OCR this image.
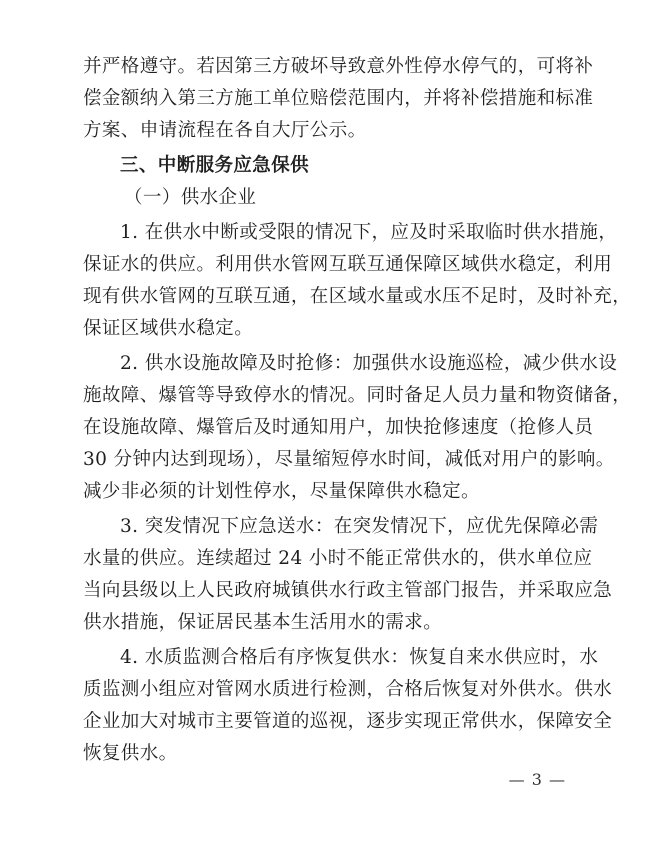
并严格遵守。若因第三方破坏导致意外性停水停气的，可将补
偿金额纳入第三方施工单位赔偿范围内，并将补偿措施和标准
方案、申请流程在各自大厅公示。
三、中断服务应急保供
（一）供水企业
1. 在供水中断或受限的情况下，应及时采取临时供水措施，
保证水的供应。利用供水管网互联互通保障区域供水稳定，利用
现有供水管网的互联互通，在区域水量或水压不足时，及时补充，
保证区域供水稳定。
2. 供水设施故障及时抢修：加强供水设施巡检，减少供水设
施故障、爆管等导致停水的情况。同时备足人员力量和物资储备，
在设施故障、爆管后及时通知用户，加快抢修速度（抢修人员
30 分钟内达到现场），尽量缩短停水时间，减低对用户的影响。
减少非必须的计划性停水，尽量保障供水稳定。
3. 突发情况下应急送水：在突发情况下，应优先保障必需
水量的供应。连续超过 24 小时不能正常供水的，供水单位应
当向县级以上人民政府城镇供水行政主管部门报告，并采取应急
供水措施，保证居民基本生活用水的需求。
4. 水质监测合格后有序恢复供水：恢复自来水供应时，水
质监测小组应对管网水质进行检测，合格后恢复对外供水。供水
企业加大对城市主要管道的巡视，逐步实现正常供水，保障安全
恢复供水。
— 3 —
